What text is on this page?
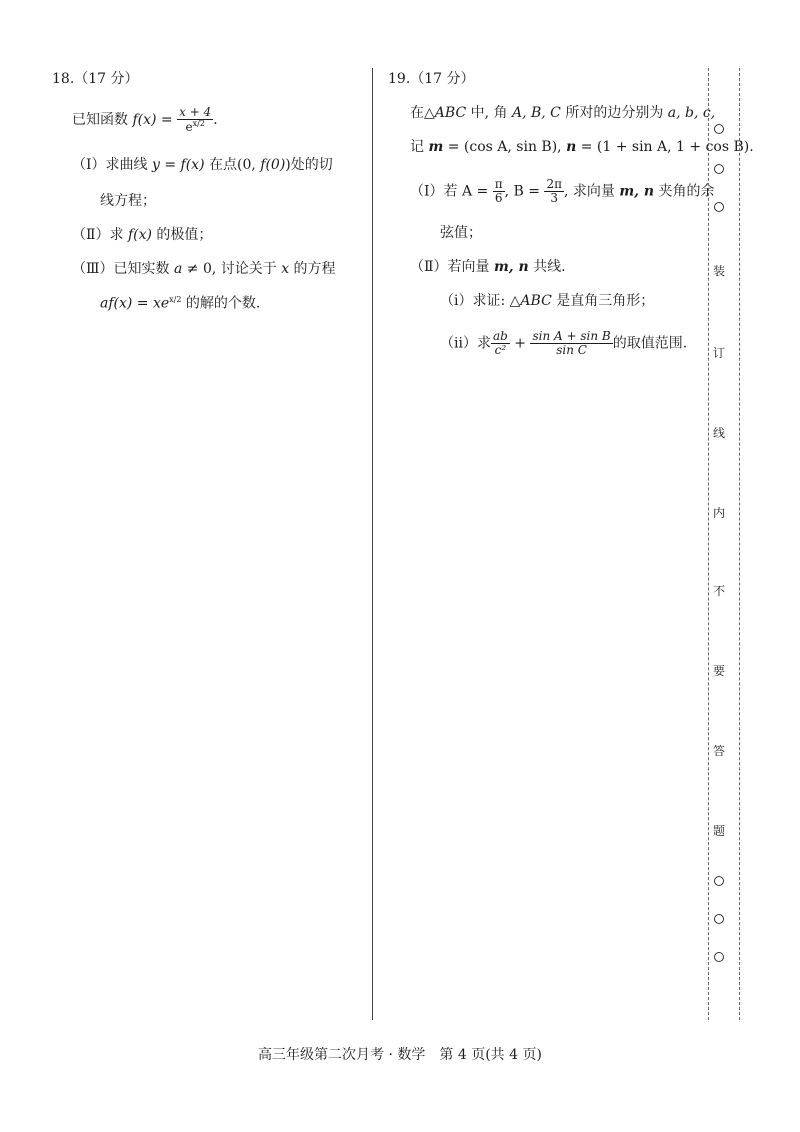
18.（17 分）
已知函数 $f(x) = \frac{x + 4}{e^{x/2}}$ .
（Ⅰ）求曲线 y = f(x) 在点(0, f(0))处的切
线方程；
（Ⅱ）求 f(x) 的极值；
（Ⅲ）已知实数 a ≠ 0, 讨论关于 x 的方程
$af(x) = xe^{x/2}$ 的解的个数.
19.（17 分）
在△ABC 中, 角 A, B, C 所对的边分别为 a, b, c,
记 m = (cos A, sin B), n = (1 + sin A, 1 + cos B).
（Ⅰ）若 $A = \frac{\pi}{6}$ , $B = \frac{2\pi}{3}$ , 求向量 m, n 夹角的余
弦值；
（Ⅱ）若向量 m, n 共线.
（ⅰ）求证: △ABC 是直角三角形；
（ⅱ）求 $\frac{ab}{\text{c²}} + \frac{\text{sin A + sin B}}{\text{sin C}}$ 的取值范围.
装
订
线
内
不
要
答
题
高三年级第二次月考 · 数学　第 4 页(共 4 页)
